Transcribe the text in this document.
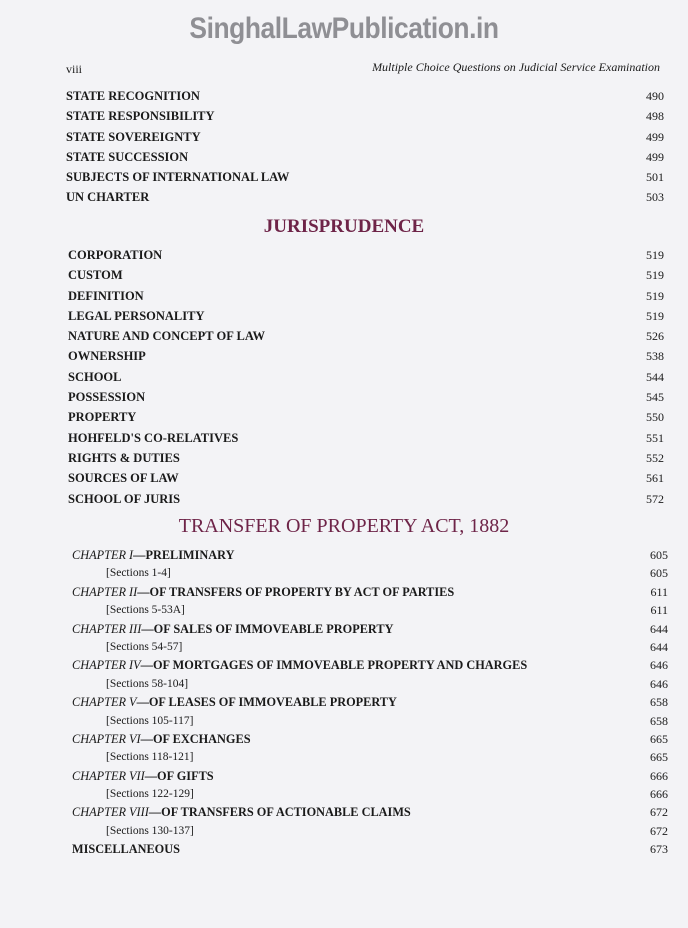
SinghalLawPublication.in
viii	Multiple Choice Questions on Judicial Service Examination
STATE RECOGNITION	490
STATE RESPONSIBILITY	498
STATE SOVEREIGNTY	499
STATE SUCCESSION	499
SUBJECTS OF INTERNATIONAL LAW	501
UN CHARTER	503
JURISPRUDENCE
CORPORATION	519
CUSTOM	519
DEFINITION	519
LEGAL PERSONALITY	519
NATURE AND CONCEPT OF LAW	526
OWNERSHIP	538
SCHOOL	544
POSSESSION	545
PROPERTY	550
HOHFELD'S CO-RELATIVES	551
RIGHTS & DUTIES	552
SOURCES OF LAW	561
SCHOOL OF JURIS	572
TRANSFER OF PROPERTY ACT, 1882
CHAPTER I—PRELIMINARY	605
[Sections 1-4]	605
CHAPTER II—OF TRANSFERS OF PROPERTY BY ACT OF PARTIES	611
[Sections 5-53A]	611
CHAPTER III—OF SALES OF IMMOVEABLE PROPERTY	644
[Sections 54-57]	644
CHAPTER IV—OF MORTGAGES OF IMMOVEABLE PROPERTY AND CHARGES	646
[Sections 58-104]	646
CHAPTER V—OF LEASES OF IMMOVEABLE PROPERTY	658
[Sections 105-117]	658
CHAPTER VI—OF EXCHANGES	665
[Sections 118-121]	665
CHAPTER VII—OF GIFTS	666
[Sections 122-129]	666
CHAPTER VIII—OF TRANSFERS OF ACTIONABLE CLAIMS	672
[Sections 130-137]	672
MISCELLANEOUS	673
